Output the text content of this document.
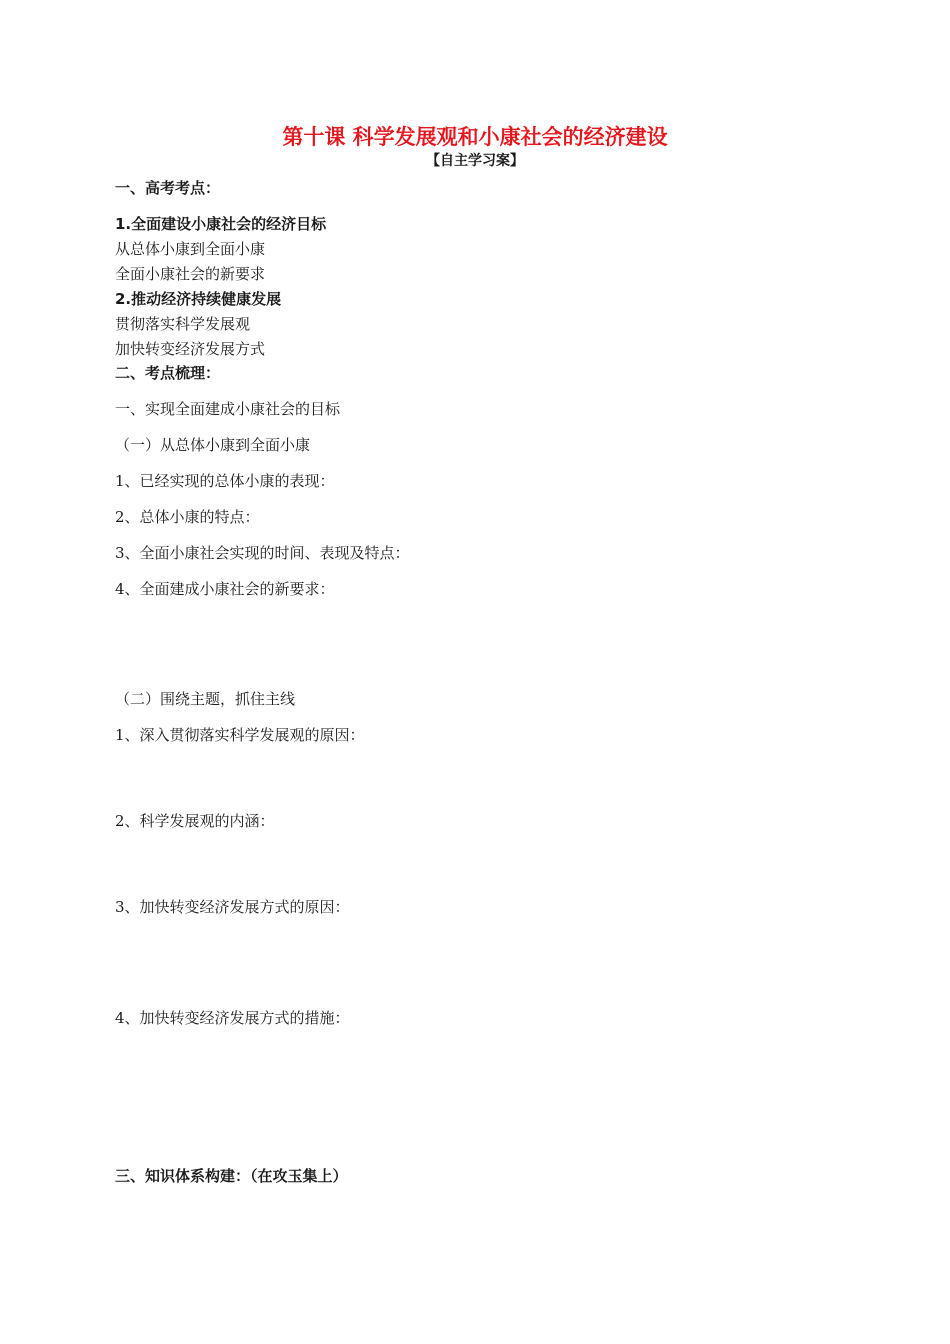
第十课 科学发展观和小康社会的经济建设
【自主学习案】
一、高考考点：
1.全面建设小康社会的经济目标
从总体小康到全面小康
全面小康社会的新要求
2.推动经济持续健康发展
贯彻落实科学发展观
加快转变经济发展方式
二、考点梳理：
一、实现全面建成小康社会的目标
（一）从总体小康到全面小康
1、已经实现的总体小康的表现：
2、总体小康的特点：
3、全面小康社会实现的时间、表现及特点：
4、全面建成小康社会的新要求：
（二）围绕主题，抓住主线
1、深入贯彻落实科学发展观的原因：
2、科学发展观的内涵：
3、加快转变经济发展方式的原因：
4、加快转变经济发展方式的措施：
三、知识体系构建：（在攻玉集上）
